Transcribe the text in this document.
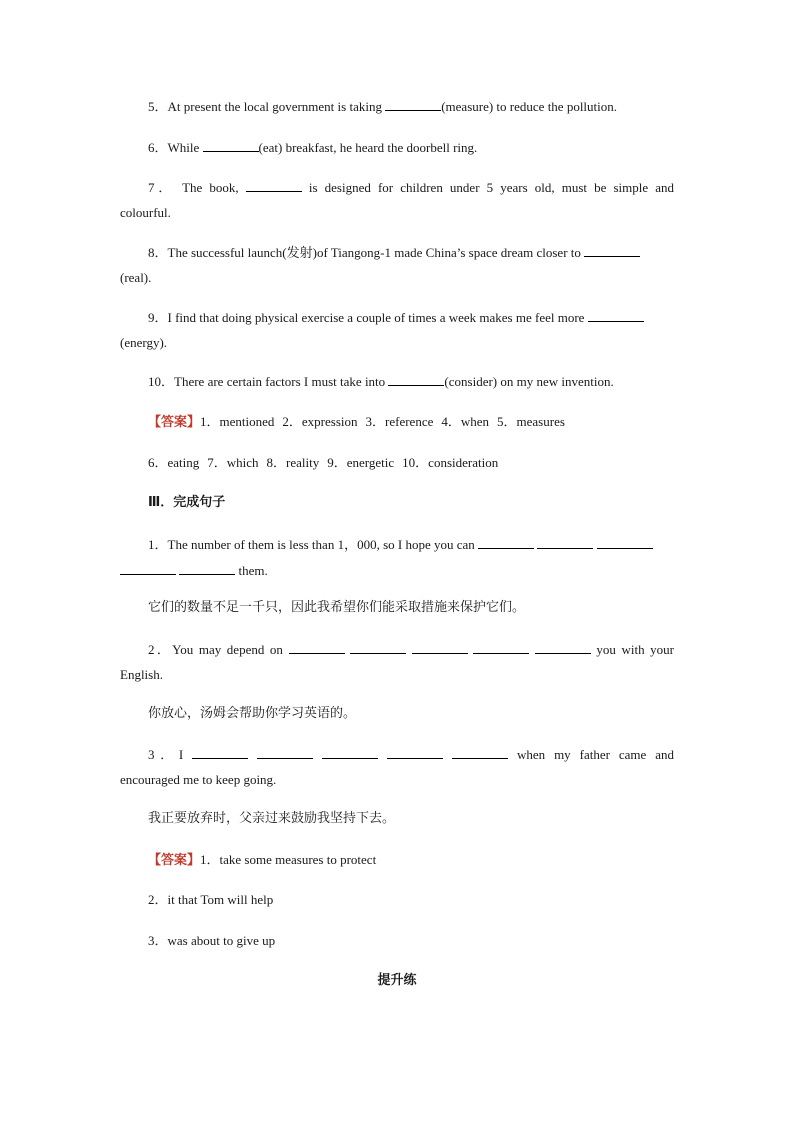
5．At present the local government is taking	(measure) to reduce the pollution.
6．While	(eat) breakfast, he heard the doorbell ring.
7． The book,	is designed for children under 5 years old, must be simple and
colourful.
8．The successful launch(发射)of Tiangong-1 made China’s space dream closer to
(real).
9．I find that doing physical exercise a couple of times a week makes me feel more
(energy).
10．There are certain factors I must take into	(consider) on my new invention.
【答案】1．mentioned 2．expression 3．reference 4．when 5．measures
6．eating 7．which 8．reality 9．energetic 10．consideration
Ⅲ．完成句子
1．The number of them is less than 1，000, so I hope you can
them.
它们的数量不足一千只，因此我希望你们能采取措施来保护它们。
2．You may depend on	you with your
English.
你放心，汤姆会帮助你学习英语的。
3．I	when my father came and
encouraged me to keep going.
我正要放弃时，父亲过来鼓励我坚持下去。
【答案】1．take some measures to protect
2．it that Tom will help
3．was about to give up
提升练
